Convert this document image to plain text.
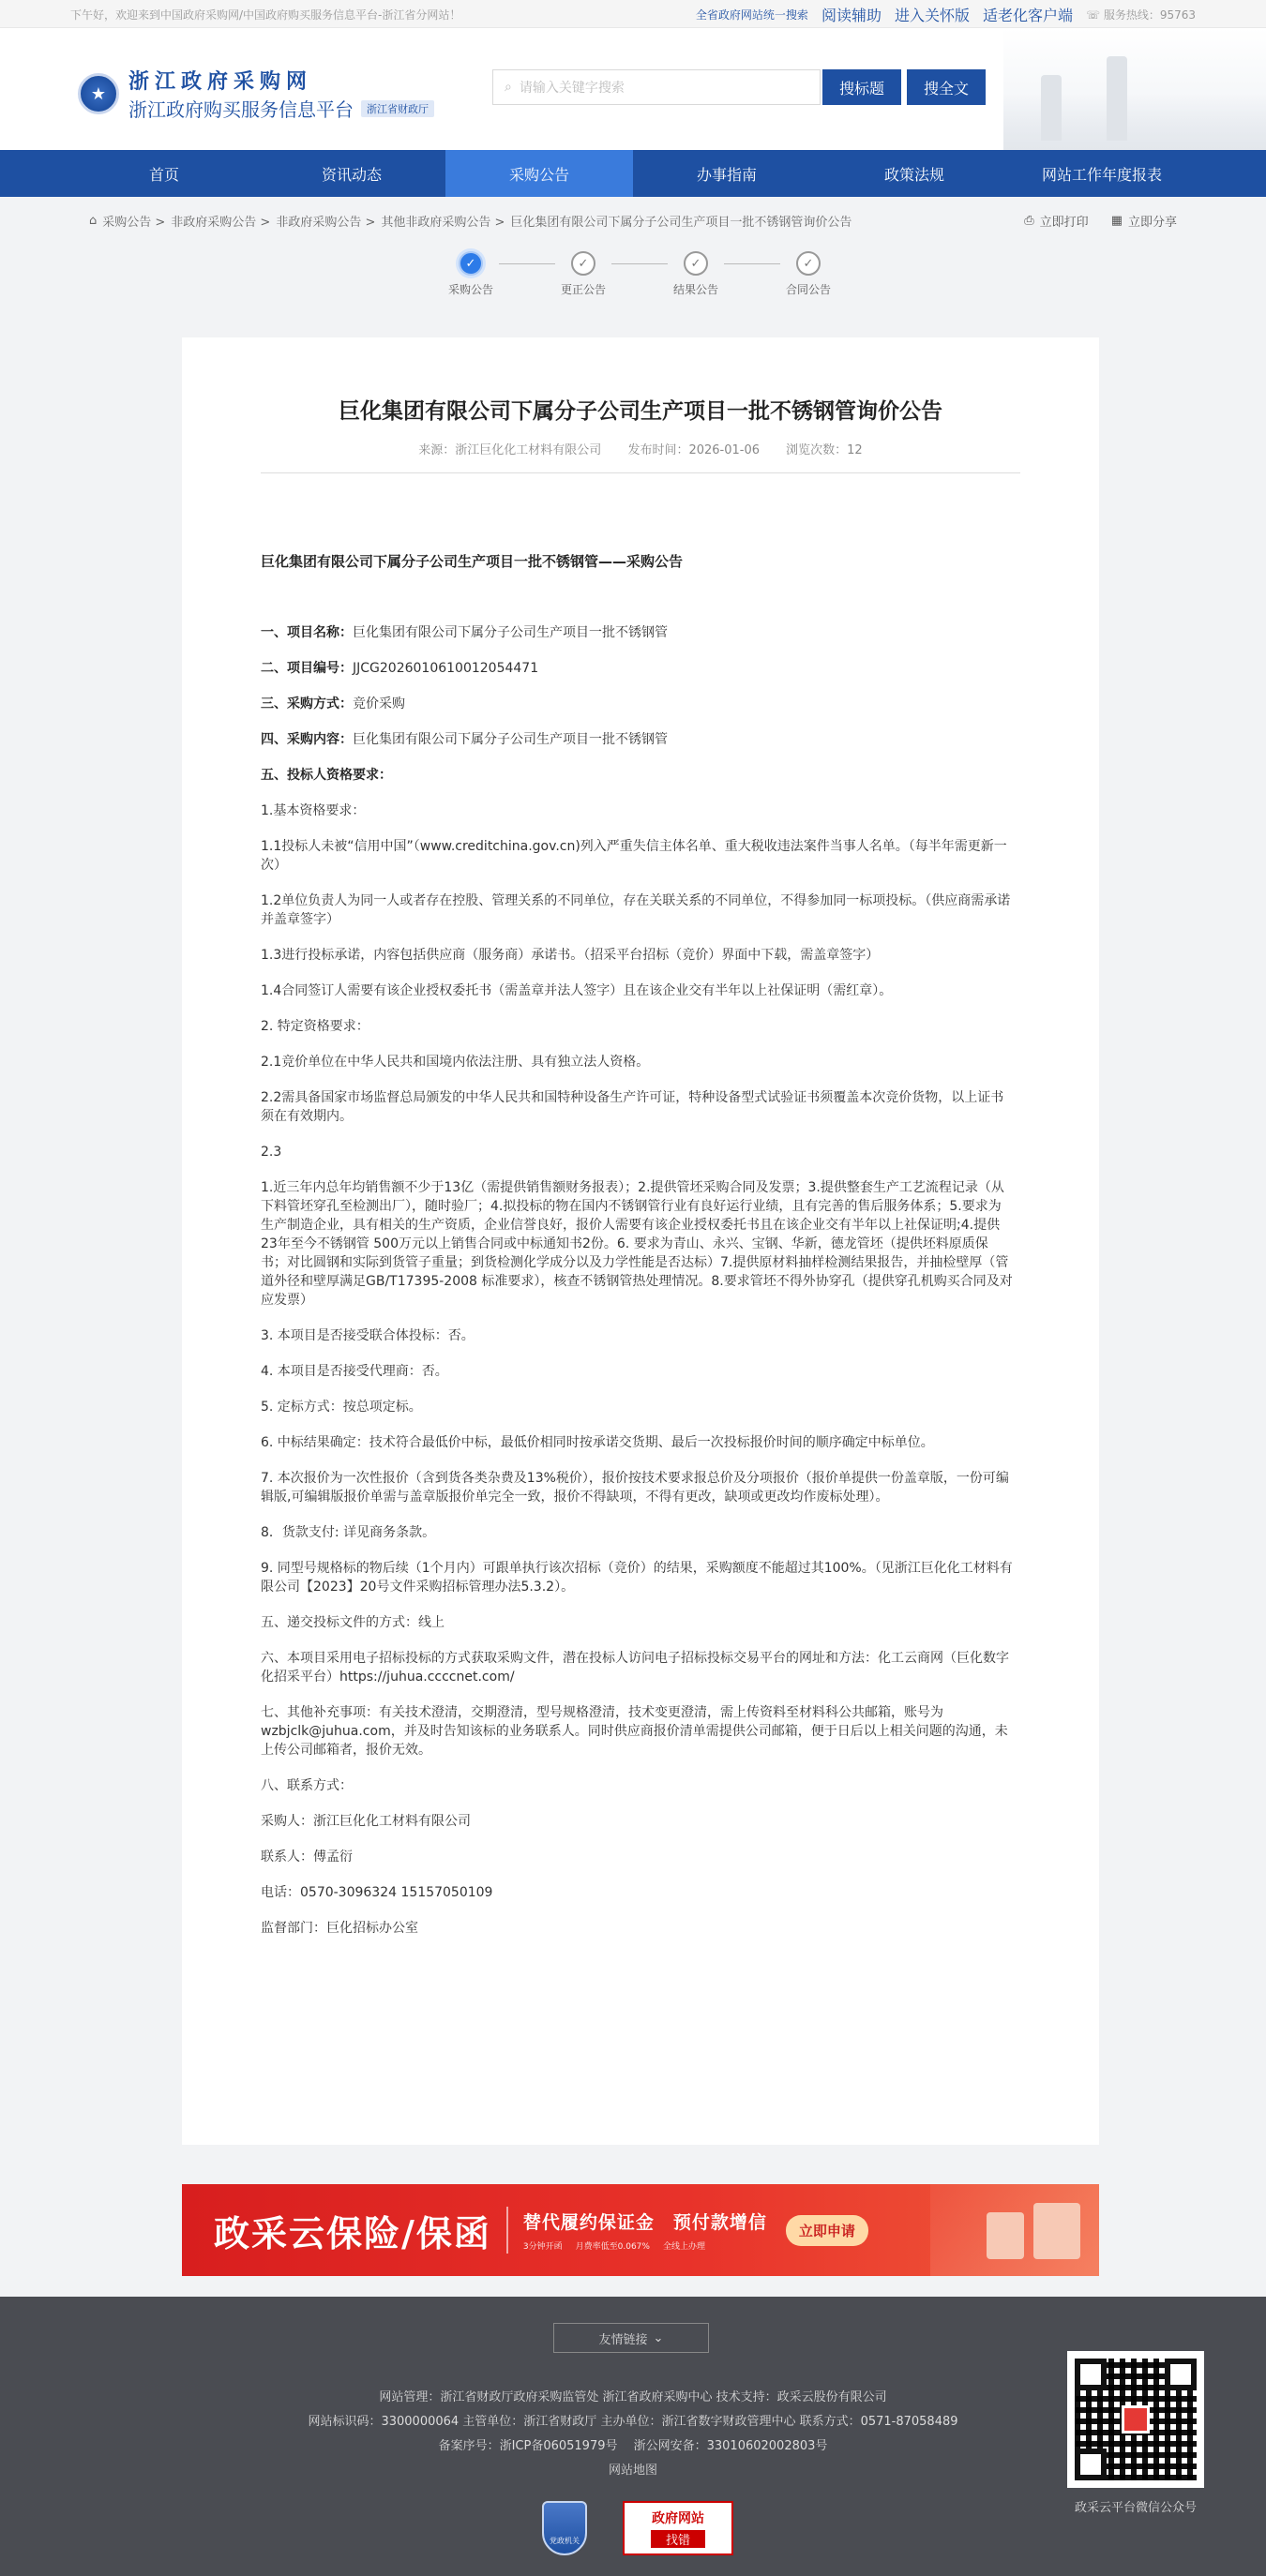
下午好，欢迎来到中国政府采购网/中国政府购买服务信息平台-浙江省分网站！	全省政府网站统一搜索 阅读辅助 进入关怀版 适老化客户端 ☏ 服务热线：95763
★	浙江政府采购网
浙江政府购买服务信息平台	浙江省财政厅
⌕ 请输入关键字搜索	搜标题	搜全文
首页	资讯动态	采购公告	办事指南	政策法规	网站工作年度报表
⌂ 采购公告 > 非政府采购公告 > 非政府采购公告 > 其他非政府采购公告 > 巨化集团有限公司下属分子公司生产项目一批不锈钢管询价公告	⎙ 立即打印 ▦ 立即分享
✓
采购公告
✓
更正公告
✓
结果公告
✓
合同公告
巨化集团有限公司下属分子公司生产项目一批不锈钢管询价公告
来源：浙江巨化化工材料有限公司 发布时间：2026-01-06 浏览次数：12
巨化集团有限公司下属分子公司生产项目一批不锈钢管——采购公告

一、项目名称：巨化集团有限公司下属分子公司生产项目一批不锈钢管

二、项目编号：JJCG2026010610012054471

三、采购方式：竞价采购

四、采购内容：巨化集团有限公司下属分子公司生产项目一批不锈钢管

五、投标人资格要求：

1.基本资格要求：

1.1投标人未被“信用中国”（www.creditchina.gov.cn)列入严重失信主体名单、重大税收违法案件当事人名单。（每半年需更新一次）

1.2单位负责人为同一人或者存在控股、管理关系的不同单位，存在关联关系的不同单位，不得参加同一标项投标。（供应商需承诺并盖章签字）

1.3进行投标承诺，内容包括供应商（服务商）承诺书。（招采平台招标（竞价）界面中下载，需盖章签字）

1.4合同签订人需要有该企业授权委托书（需盖章并法人签字）且在该企业交有半年以上社保证明（需红章）。

2. 特定资格要求：

2.1竞价单位在中华人民共和国境内依法注册、具有独立法人资格。

2.2需具备国家市场监督总局颁发的中华人民共和国特种设备生产许可证，特种设备型式试验证书须覆盖本次竞价货物，以上证书须在有效期内。

2.3

1.近三年内总年均销售额不少于13亿（需提供销售额财务报表）；2.提供管坯采购合同及发票；3.提供整套生产工艺流程记录（从下料管坯穿孔至检测出厂），随时验厂；4.拟投标的物在国内不锈钢管行业有良好运行业绩，且有完善的售后服务体系；5.要求为生产制造企业，具有相关的生产资质，企业信誉良好，报价人需要有该企业授权委托书且在该企业交有半年以上社保证明;4.提供23年至今不锈钢管 500万元以上销售合同或中标通知书2份。6. 要求为青山、永兴、宝钢、华新，德龙管坯（提供坯料原质保书；对比圆钢和实际到货管子重量；到货检测化学成分以及力学性能是否达标）7.提供原材料抽样检测结果报告，并抽检壁厚（管道外径和壁厚满足GB/T17395-2008 标准要求），核查不锈钢管热处理情况。8.要求管坯不得外协穿孔（提供穿孔机购买合同及对应发票）

3. 本项目是否接受联合体投标：否。

4. 本项目是否接受代理商：否。

5. 定标方式：按总项定标。

6. 中标结果确定：技术符合最低价中标，最低价相同时按承诺交货期、最后一次投标报价时间的顺序确定中标单位。

7. 本次报价为一次性报价（含到货各类杂费及13%税价），报价按技术要求报总价及分项报价（报价单提供一份盖章版，一份可编辑版,可编辑版报价单需与盖章版报价单完全一致，报价不得缺项，不得有更改，缺项或更改均作废标处理）。

8．货款支付: 详见商务条款。

9. 同型号规格标的物后续（1个月内）可跟单执行该次招标（竞价）的结果，采购额度不能超过其100%。（见浙江巨化化工材料有限公司【2023】20号文件采购招标管理办法5.3.2）。

五、递交投标文件的方式：线上

六、本项目采用电子招标投标的方式获取采购文件，潜在投标人访问电子招标投标交易平台的网址和方法：化工云商网（巨化数字化招采平台）https://juhua.ccccnet.com/

七、其他补充事项：有关技术澄清，交期澄清，型号规格澄清，技术变更澄清，需上传资料至材料科公共邮箱，账号为wzbjclk@juhua.com，并及时告知该标的业务联系人。同时供应商报价清单需提供公司邮箱，便于日后以上相关问题的沟通，未上传公司邮箱者，报价无效。

八、联系方式：

采购人：浙江巨化化工材料有限公司

联系人：傅孟衍

电话：0570-3096324 15157050109

监督部门：巨化招标办公室

政采云保险/保函 替代履约保证金　预付款增信
3分钟开函 月费率低至0.067% 全线上办理
立即申请
友情链接 ⌄
网站管理：浙江省财政厅政府采购监管处 浙江省政府采购中心 技术支持：政采云股份有限公司
网站标识码：3300000064 主管单位：浙江省财政厅 主办单位：浙江省数字财政管理中心 联系方式：0571-87058489
备案序号：浙ICP备06051979号 　浙公网安备：33010602002803号
网站地图
党政机关
政府网站
找错
政采云平台微信公众号
